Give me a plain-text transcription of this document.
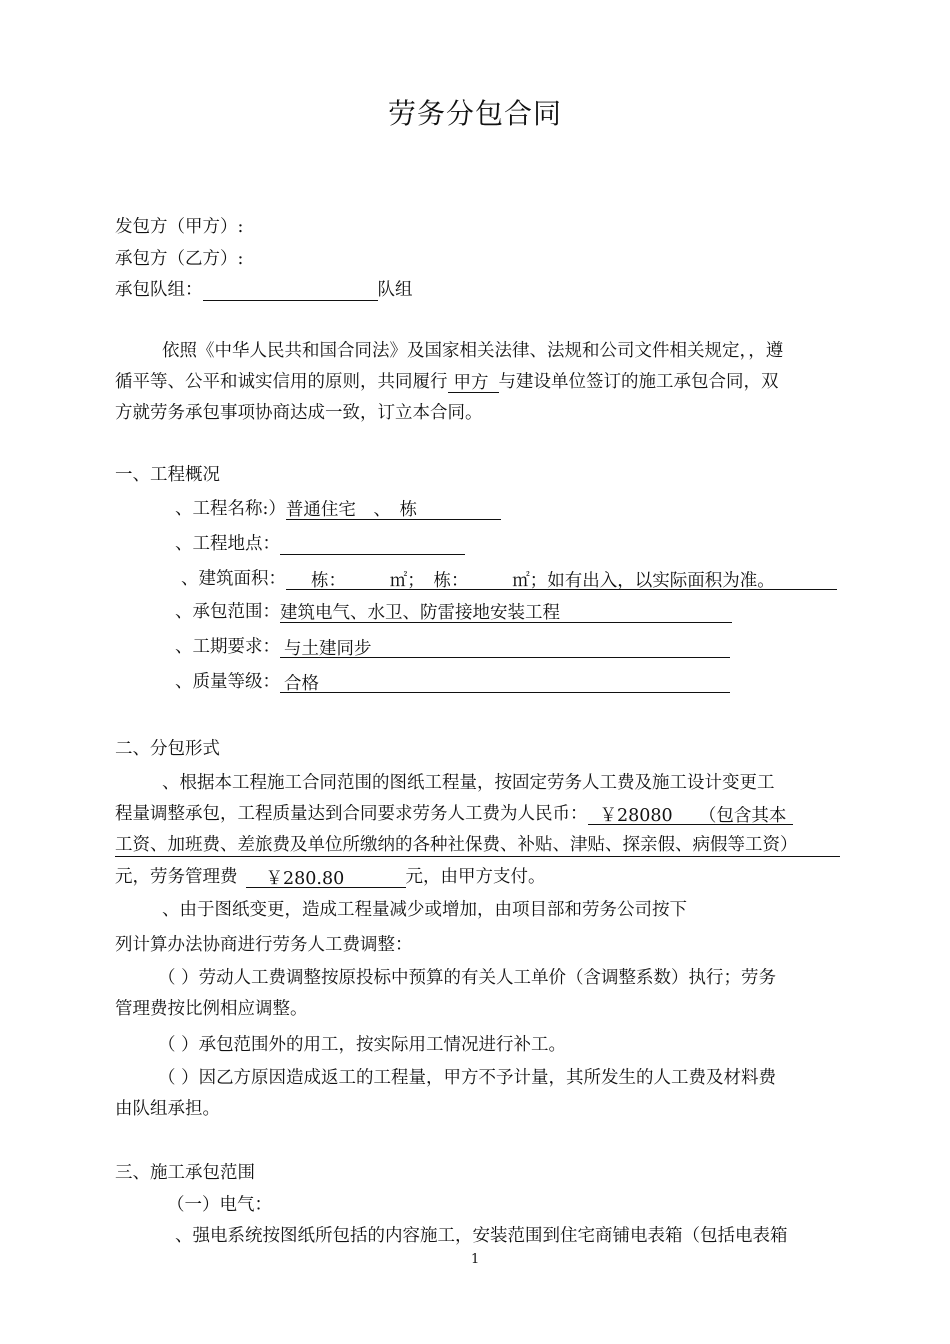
劳务分包合同
发包方（甲方）:
承包方（乙方）:
承包队组：	队组
依照《中华人民共和国合同法》及国家相关法律、法规和公司文件相关规定，，遵
循平等、公平和诚实信用的原则，共同履行 甲方 与建设单位签订的施工承包合同，双
方就劳务承包事项协商达成一致，订立本合同。
一、工程概况
、工程名称:）普通住宅　、　栋
、工程地点：
、建筑面积： 栋：　　　㎡；　栋：　　　㎡；如有出入，以实际面积为准。
、承包范围：建筑电气、水卫、防雷接地安装工程
、工期要求： 与土建同步
、质量等级： 合格
二、分包形式
、根据本工程施工合同范围的图纸工程量，按固定劳务人工费及施工设计变更工
程量调整承包，工程质量达到合同要求劳务人工费为人民币： ￥28080　　（包含其本
工资、加班费、差旅费及单位所缴纳的各种社保费、补贴、津贴、探亲假、病假等工资）
元，劳务管理费 ￥280.80	元，由甲方支付。
、由于图纸变更，造成工程量减少或增加，由项目部和劳务公司按下
列计算办法协商进行劳务人工费调整：
（ ）劳动人工费调整按原投标中预算的有关人工单价（含调整系数）执行；劳务
管理费按比例相应调整。
（ ）承包范围外的用工，按实际用工情况进行补工。
（ ）因乙方原因造成返工的工程量，甲方不予计量，其所发生的人工费及材料费
由队组承担。
三、施工承包范围
（一）电气：
、强电系统按图纸所包括的内容施工，安装范围到住宅商铺电表箱（包括电表箱
1
